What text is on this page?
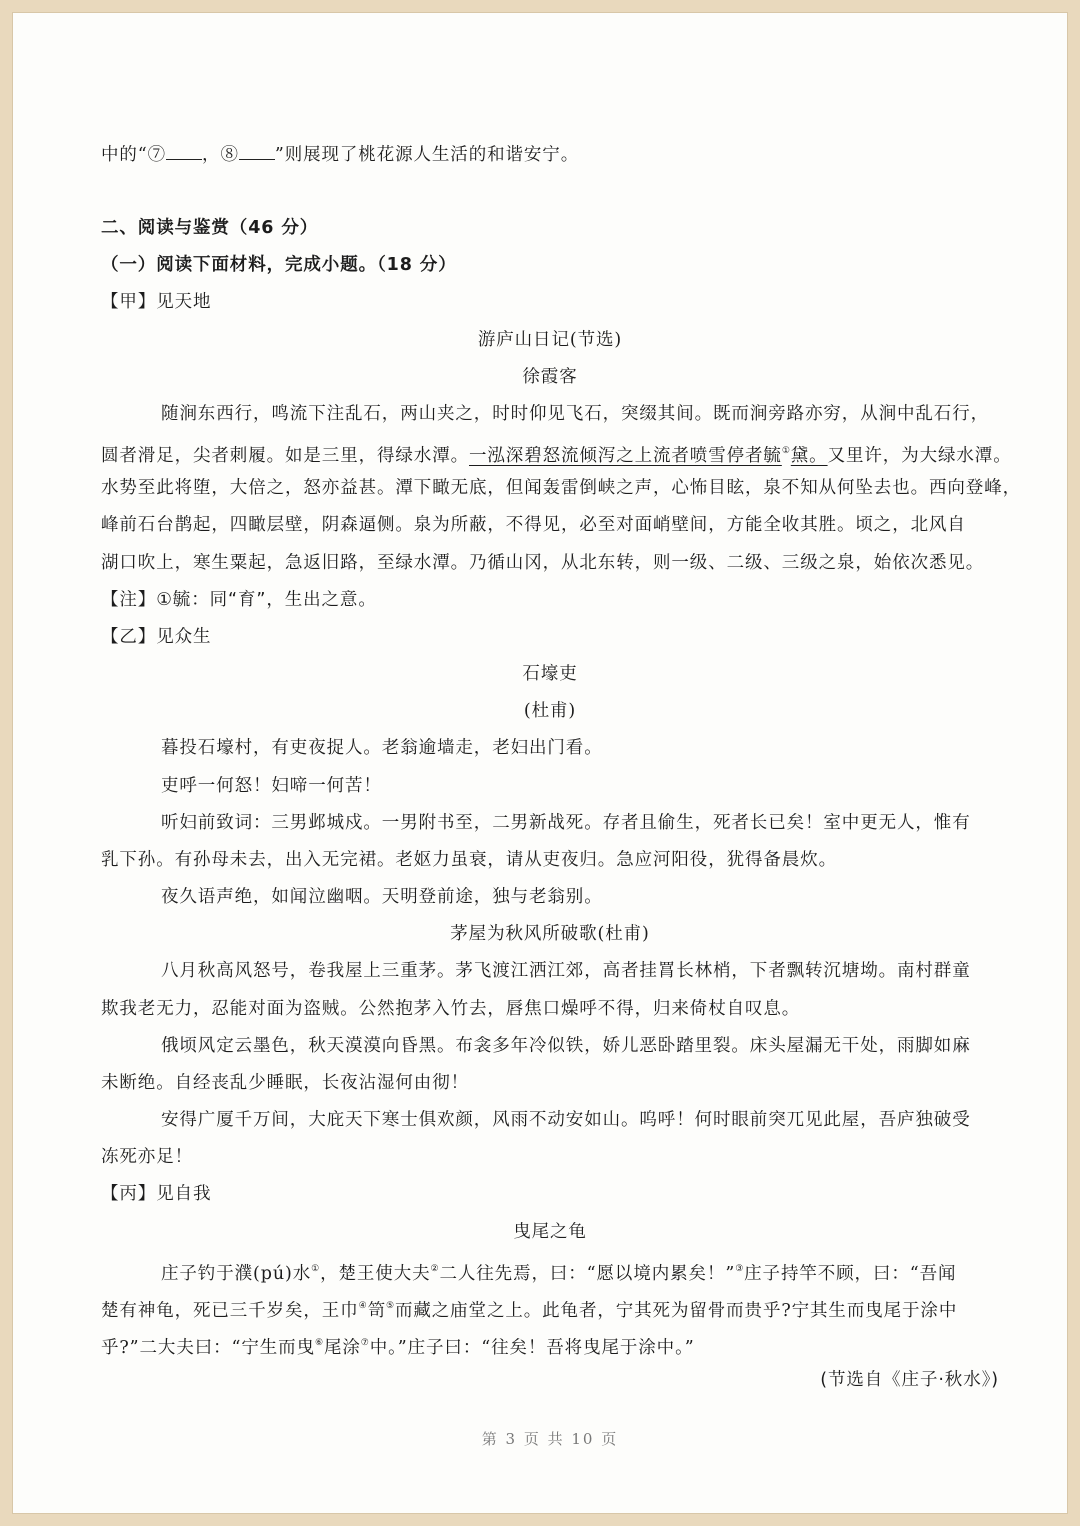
中的“⑦ ，⑧ ”则展现了桃花源人生活的和谐安宁。
二、阅读与鉴赏（46 分）
（一）阅读下面材料，完成小题。（18 分）
【甲】见天地
游庐山日记(节选)
徐霞客
随涧东西行，鸣流下注乱石，两山夹之，时时仰见飞石，突缀其间。既而涧旁路亦穷，从涧中乱石行，
圆者滑足，尖者刺履。如是三里，得绿水潭。一泓深碧怒流倾泻之上流者喷雪停者毓①黛。又里许，为大绿水潭。
水势至此将堕，大倍之，怒亦益甚。潭下瞰无底，但闻轰雷倒峡之声，心怖目眩，泉不知从何坠去也。西向登峰，
峰前石台鹊起，四瞰层壁，阴森逼侧。泉为所蔽，不得见，必至对面峭壁间，方能全收其胜。顷之，北风自
湖口吹上，寒生粟起，急返旧路，至绿水潭。乃循山冈，从北东转，则一级、二级、三级之泉，始依次悉见。
【注】①毓：同“育”，生出之意。
【乙】见众生
石壕吏
(杜甫)
暮投石壕村，有吏夜捉人。老翁逾墙走，老妇出门看。
吏呼一何怒！妇啼一何苦！
听妇前致词：三男邺城戍。一男附书至，二男新战死。存者且偷生，死者长已矣！室中更无人，惟有
乳下孙。有孙母未去，出入无完裙。老妪力虽衰，请从吏夜归。急应河阳役，犹得备晨炊。
夜久语声绝，如闻泣幽咽。天明登前途，独与老翁别。
茅屋为秋风所破歌(杜甫)
八月秋高风怒号，卷我屋上三重茅。茅飞渡江洒江郊，高者挂罥长林梢，下者飘转沉塘坳。南村群童
欺我老无力，忍能对面为盗贼。公然抱茅入竹去，唇焦口燥呼不得，归来倚杖自叹息。
俄顷风定云墨色，秋天漠漠向昏黑。布衾多年冷似铁，娇儿恶卧踏里裂。床头屋漏无干处，雨脚如麻
未断绝。自经丧乱少睡眠，长夜沾湿何由彻！
安得广厦千万间，大庇天下寒士俱欢颜，风雨不动安如山。呜呼！何时眼前突兀见此屋，吾庐独破受
冻死亦足！
【丙】见自我
曳尾之龟
庄子钓于濮(pú)水①，楚王使大夫②二人往先焉，曰：“愿以境内累矣！”③庄子持竿不顾，曰：“吾闻
楚有神龟，死已三千岁矣，王巾④笥⑤而藏之庙堂之上。此龟者，宁其死为留骨而贵乎?宁其生而曳尾于涂中
乎?”二大夫曰：“宁生而曳⑥尾涂⑦中。”庄子曰：“往矣！吾将曳尾于涂中。”
(节选自《庄子·秋水》)
第 3 页 共 10 页
